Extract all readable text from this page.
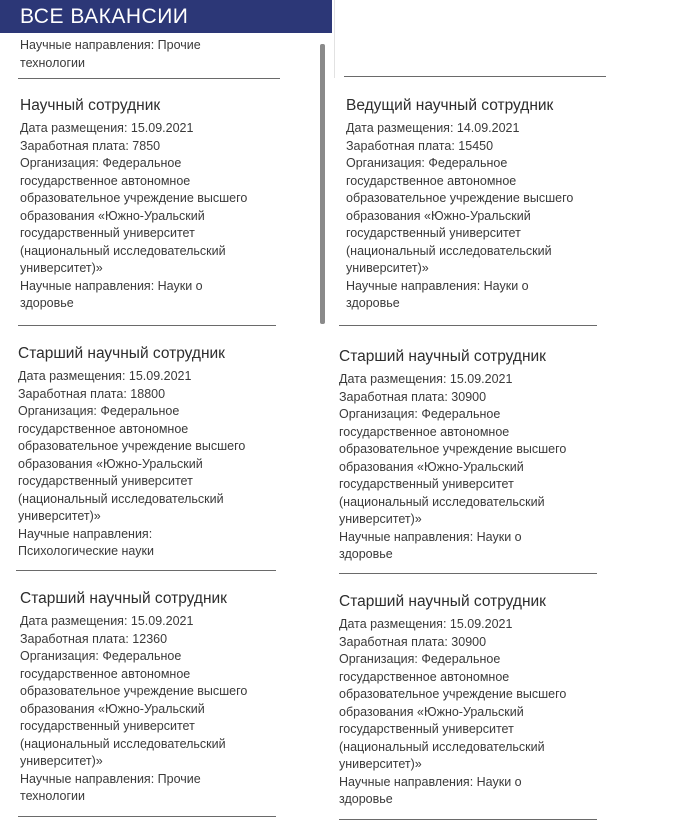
ВСЕ ВАКАНСИИ
Научные направления: Прочие
технологии
Научный сотрудник
Дата размещения: 15.09.2021
Заработная плата: 7850
Организация: Федеральное
государственное автономное
образовательное учреждение высшего
образования «Южно-Уральский
государственный университет
(национальный исследовательский
университет)»
Научные направления: Науки о
здоровье
Ведущий научный сотрудник
Дата размещения: 14.09.2021
Заработная плата: 15450
Организация: Федеральное
государственное автономное
образовательное учреждение высшего
образования «Южно-Уральский
государственный университет
(национальный исследовательский
университет)»
Научные направления: Науки о
здоровье
Старший научный сотрудник
Дата размещения: 15.09.2021
Заработная плата: 18800
Организация: Федеральное
государственное автономное
образовательное учреждение высшего
образования «Южно-Уральский
государственный университет
(национальный исследовательский
университет)»
Научные направления:
Психологические науки
Старший научный сотрудник
Дата размещения: 15.09.2021
Заработная плата: 30900
Организация: Федеральное
государственное автономное
образовательное учреждение высшего
образования «Южно-Уральский
государственный университет
(национальный исследовательский
университет)»
Научные направления: Науки о
здоровье
Старший научный сотрудник
Дата размещения: 15.09.2021
Заработная плата: 12360
Организация: Федеральное
государственное автономное
образовательное учреждение высшего
образования «Южно-Уральский
государственный университет
(национальный исследовательский
университет)»
Научные направления: Прочие
технологии
Старший научный сотрудник
Дата размещения: 15.09.2021
Заработная плата: 30900
Организация: Федеральное
государственное автономное
образовательное учреждение высшего
образования «Южно-Уральский
государственный университет
(национальный исследовательский
университет)»
Научные направления: Науки о
здоровье
